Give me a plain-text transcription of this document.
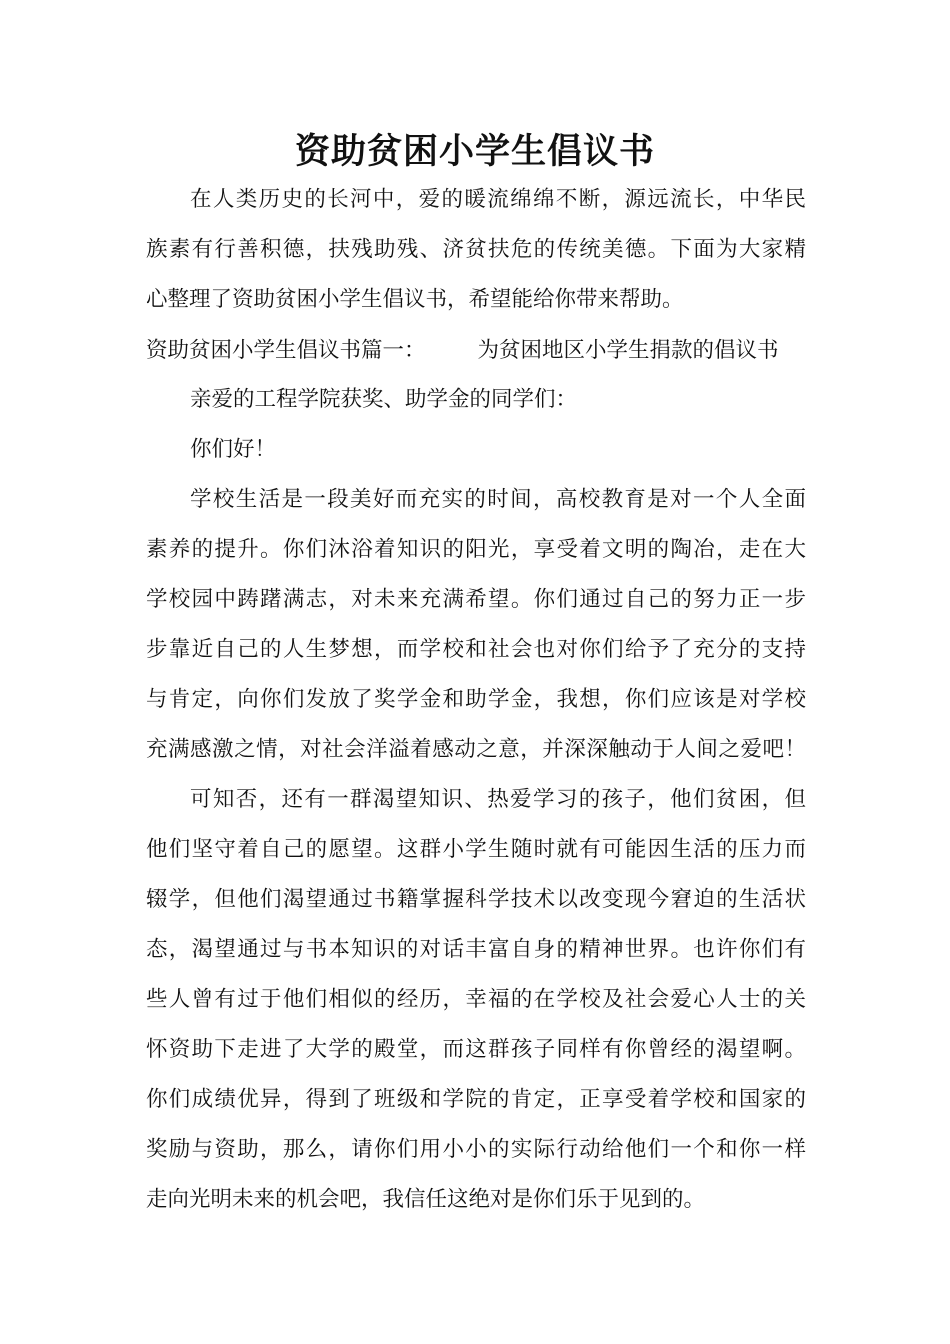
资助贫困小学生倡议书
在人类历史的长河中，爱的暖流绵绵不断，源远流长，中华民
族素有行善积德，扶残助残、济贫扶危的传统美德。下面为大家精
心整理了资助贫困小学生倡议书，希望能给你带来帮助。
资助贫困小学生倡议书篇一： 为贫困地区小学生捐款的倡议书
亲爱的工程学院获奖、助学金的同学们：
你们好！
学校生活是一段美好而充实的时间，高校教育是对一个人全面
素养的提升。你们沐浴着知识的阳光，享受着文明的陶冶，走在大
学校园中踌躇满志，对未来充满希望。你们通过自己的努力正一步
步靠近自己的人生梦想，而学校和社会也对你们给予了充分的支持
与肯定，向你们发放了奖学金和助学金，我想，你们应该是对学校
充满感激之情，对社会洋溢着感动之意，并深深触动于人间之爱吧！
可知否，还有一群渴望知识、热爱学习的孩子，他们贫困，但
他们坚守着自己的愿望。这群小学生随时就有可能因生活的压力而
辍学，但他们渴望通过书籍掌握科学技术以改变现今窘迫的生活状
态，渴望通过与书本知识的对话丰富自身的精神世界。也许你们有
些人曾有过于他们相似的经历，幸福的在学校及社会爱心人士的关
怀资助下走进了大学的殿堂，而这群孩子同样有你曾经的渴望啊。
你们成绩优异，得到了班级和学院的肯定，正享受着学校和国家的
奖励与资助，那么，请你们用小小的实际行动给他们一个和你一样
走向光明未来的机会吧，我信任这绝对是你们乐于见到的。
